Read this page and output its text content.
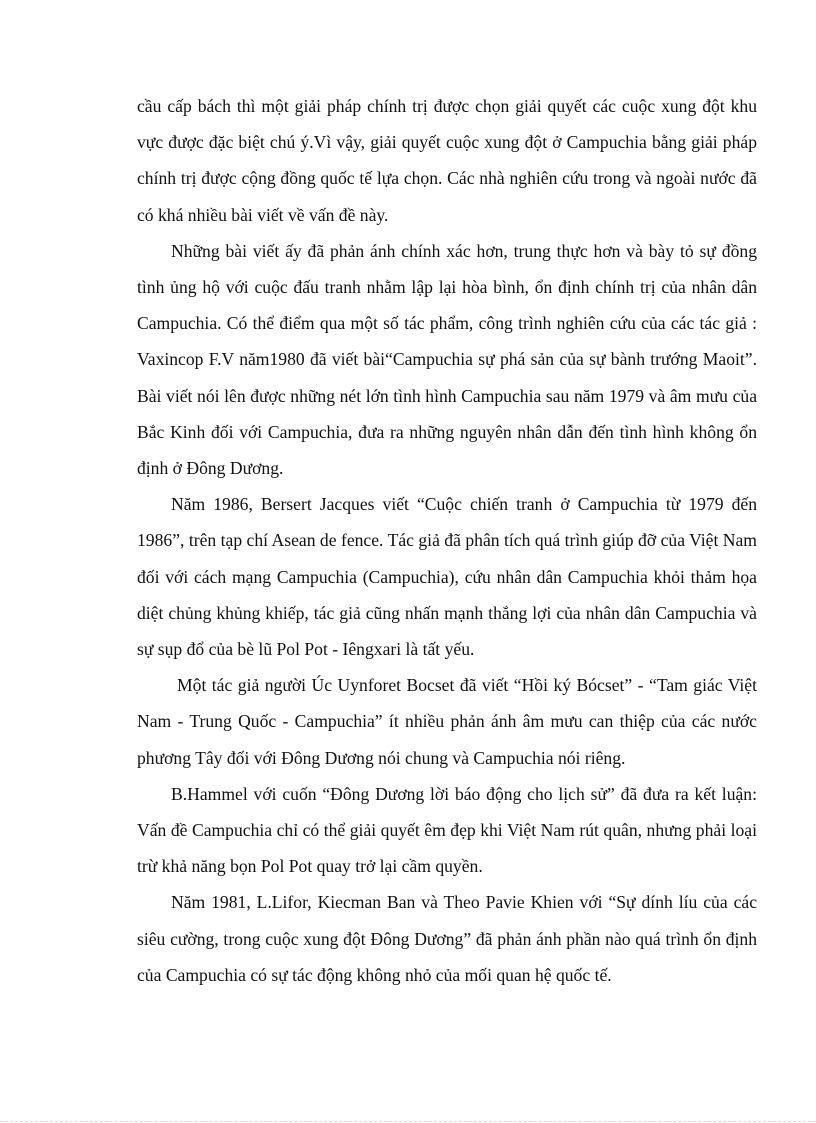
cầu cấp bách thì một giải pháp chính trị được chọn giải quyết các cuộc xung đột khu vực được đặc biệt chú ý.Vì vậy, giải quyết cuộc xung đột ở Campuchia bằng giải pháp chính trị được cộng đồng quốc tế lựa chọn. Các nhà nghiên cứu trong và ngoài nước đã có khá nhiều bài viết về vấn đề này.

Những bài viết ấy đã phản ánh chính xác hơn, trung thực hơn và bày tỏ sự đồng tình ủng hộ với cuộc đấu tranh nhằm lập lại hòa bình, ổn định chính trị của nhân dân Campuchia. Có thể điểm qua một số tác phẩm, công trình nghiên cứu của các tác giả : Vaxincop F.V năm1980 đã viết bài“Campuchia sự phá sản của sự bành trướng Maoit”. Bài viết nói lên được những nét lớn tình hình Campuchia sau năm 1979 và âm mưu của Bắc Kinh đối với Campuchia, đưa ra những nguyên nhân dẫn đến tình hình không ổn định ở Đông Dương.

Năm 1986, Bersert Jacques viết “Cuộc chiến tranh ở Campuchia từ 1979 đến 1986”, trên tạp chí Asean de fence. Tác giả đã phân tích quá trình giúp đỡ của Việt Nam đối với cách mạng Campuchia (Campuchia), cứu nhân dân Campuchia khỏi thảm họa diệt chủng khủng khiếp, tác giả cũng nhấn mạnh thắng lợi của nhân dân Campuchia và sự sụp đổ của bè lũ Pol Pot - Iêngxari là tất yếu.

Một tác giả người Úc Uynforet Bocset đã viết “Hồi ký Bócset” - “Tam giác Việt Nam - Trung Quốc - Campuchia” ít nhiều phản ánh âm mưu can thiệp của các nước phương Tây đối với Đông Dương nói chung và Campuchia nói riêng.

B.Hammel với cuốn “Đông Dương lời báo động cho lịch sử” đã đưa ra kết luận: Vấn đề Campuchia chỉ có thể giải quyết êm đẹp khi Việt Nam rút quân, nhưng phải loại trừ khả năng bọn Pol Pot quay trở lại cầm quyền.

Năm 1981, L.Lifor, Kiecman Ban và Theo Pavie Khien với “Sự dính líu của các siêu cường, trong cuộc xung đột Đông Dương” đã phản ánh phần nào quá trình ổn định của Campuchia có sự tác động không nhỏ của mối quan hệ quốc tế.
